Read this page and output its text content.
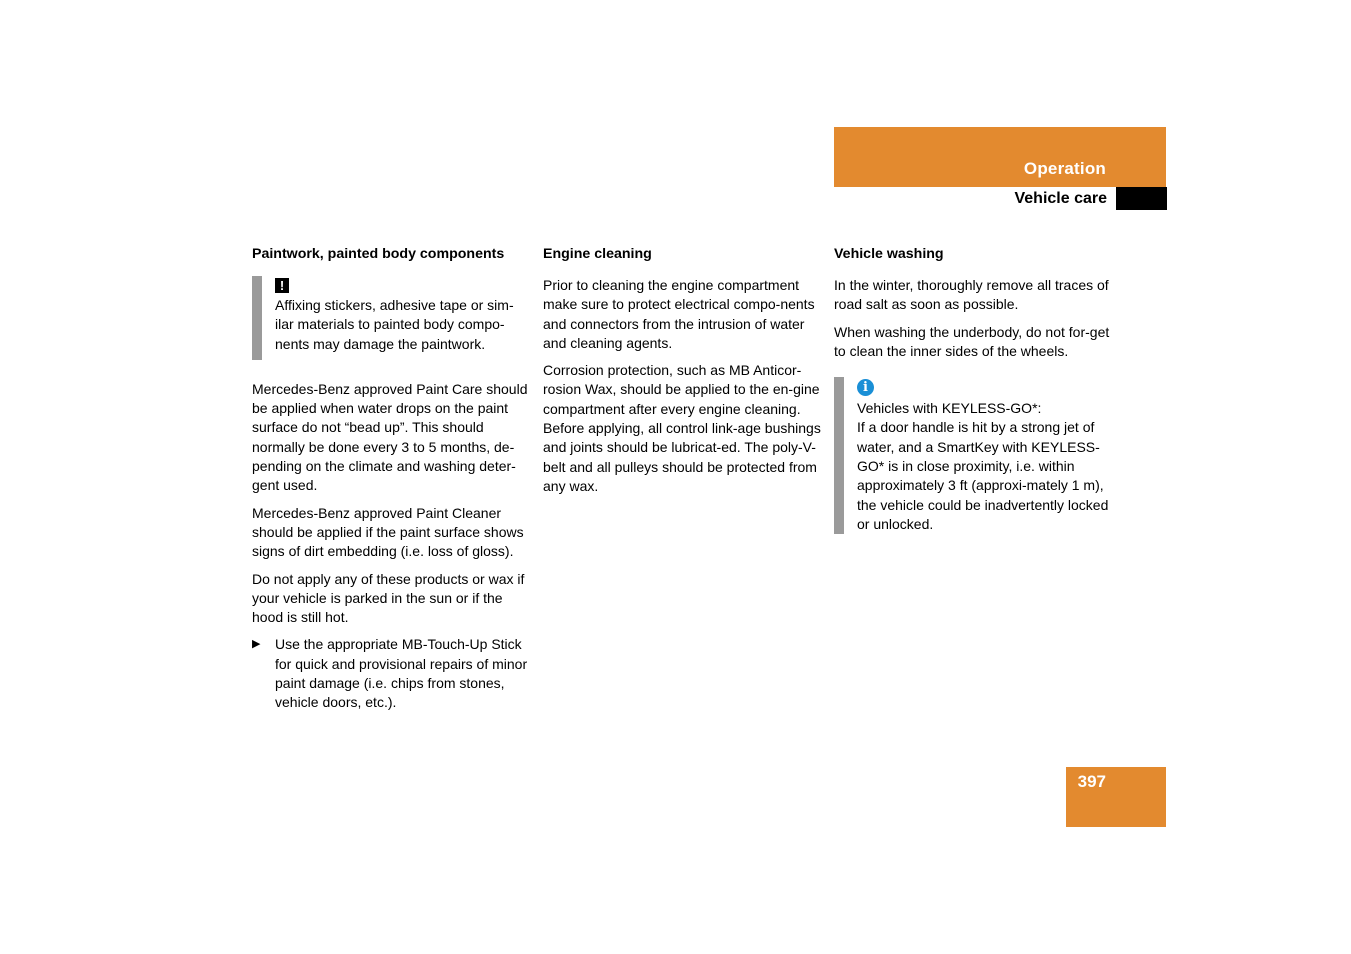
Operation
Vehicle care
Paintwork, painted body components
!

Affixing stickers, adhesive tape or sim-
ilar materials to painted body compo-
nents may damage the paintwork.

Mercedes-Benz approved Paint Care should be applied when water drops on the paint surface do not “bead up”. This should normally be done every 3 to 5 months, de-pending on the climate and washing deter-gent used.

Mercedes-Benz approved Paint Cleaner should be applied if the paint surface shows signs of dirt embedding (i.e. loss of gloss).

Do not apply any of these products or wax if your vehicle is parked in the sun or if the hood is still hot.

▶ Use the appropriate MB-Touch-Up Stick for quick and provisional repairs of minor paint damage (i.e. chips from stones, vehicle doors, etc.).
Engine cleaning

Prior to cleaning the engine compartment make sure to protect electrical compo-nents and connectors from the intrusion of water and cleaning agents.

Corrosion protection, such as MB Anticor-rosion Wax, should be applied to the en-gine compartment after every engine cleaning. Before applying, all control link-age bushings and joints should be lubricat-ed. The poly-V-belt and all pulleys should be protected from any wax.

Vehicle washing

In the winter, thoroughly remove all traces of road salt as soon as possible.

When washing the underbody, do not for-get to clean the inner sides of the wheels.

i

Vehicles with KEYLESS-GO*:
If a door handle is hit by a strong jet of water, and a SmartKey with KEYLESS-GO* is in close proximity, i.e. within approximately 3 ft (approxi-mately 1 m), the vehicle could be inadvertently locked or unlocked.

397
